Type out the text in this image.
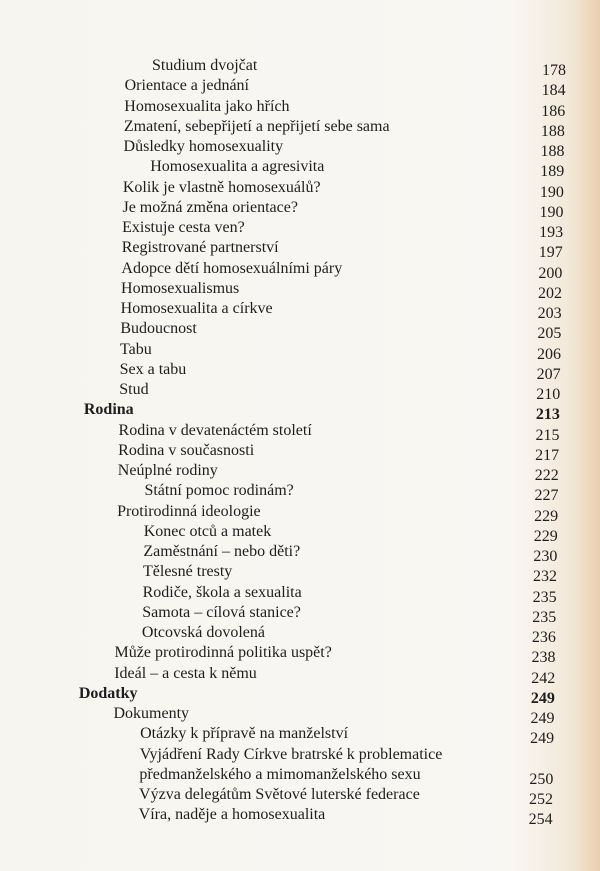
Studium dvojčat	178
Orientace a jednání	184
Homosexualita jako hřích	186
Zmatení, sebepřijetí a nepřijetí sebe sama	188
Důsledky homosexuality	188
Homosexualita a agresivita	189
Kolik je vlastně homosexuálů?	190
Je možná změna orientace?	190
Existuje cesta ven?	193
Registrované partnerství	197
Adopce dětí homosexuálními páry	200
Homosexualismus	202
Homosexualita a církve	203
Budoucnost	205
Tabu	206
Sex a tabu	207
Stud	210
Rodina	213
Rodina v devatenáctém století	215
Rodina v současnosti	217
Neúplné rodiny	222
Státní pomoc rodinám?	227
Protirodinná ideologie	229
Konec otců a matek	229
Zaměstnání – nebo děti?	230
Tělesné tresty	232
Rodiče, škola a sexualita	235
Samota – cílová stanice?	235
Otcovská dovolená	236
Může protirodinná politika uspět?	238
Ideál – a cesta k němu	242
Dodatky	249
Dokumenty	249
Otázky k přípravě na manželství	249
Vyjádření Rady Církve bratrské k problematice
předmanželského a mimomanželského sexu	250
Výzva delegátům Světové luterské federace	252
Víra, naděje a homosexualita	254
